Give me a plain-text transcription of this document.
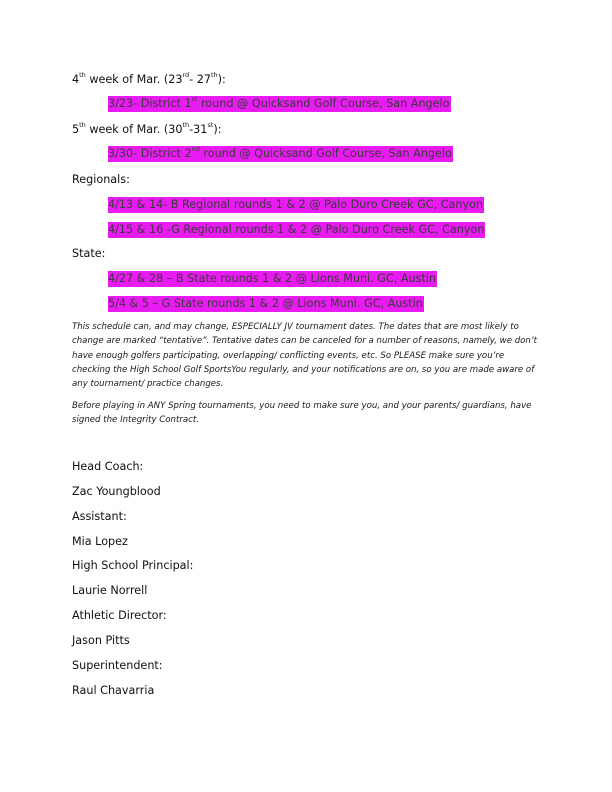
4th week of Mar. (23rd- 27th):
3/23- District 1st round @ Quicksand Golf Course, San Angelo
5th week of Mar. (30th-31st):
3/30- District 2nd round @ Quicksand Golf Course, San Angelo
Regionals:
4/13 & 14- B Regional rounds 1 & 2 @ Palo Duro Creek GC, Canyon
4/15 & 16 -G Regional rounds 1 & 2 @ Palo Duro Creek GC, Canyon
State:
4/27 & 28 – B State rounds 1 & 2 @ Lions Muni. GC, Austin
5/4 & 5 – G State rounds 1 & 2 @ Lions Muni. GC, Austin
This schedule can, and may change, ESPECIALLY JV tournament dates. The dates that are most likely to change are marked “tentative”. Tentative dates can be canceled for a number of reasons, namely, we don’t have enough golfers participating, overlapping/ conflicting events, etc. So PLEASE make sure you’re checking the High School Golf SportsYou regularly, and your notifications are on, so you are made aware of any tournament/ practice changes.
Before playing in ANY Spring tournaments, you need to make sure you, and your parents/ guardians, have signed the Integrity Contract.
Head Coach:
Zac Youngblood
Assistant:
Mia Lopez
High School Principal:
Laurie Norrell
Athletic Director:
Jason Pitts
Superintendent:
Raul Chavarria
